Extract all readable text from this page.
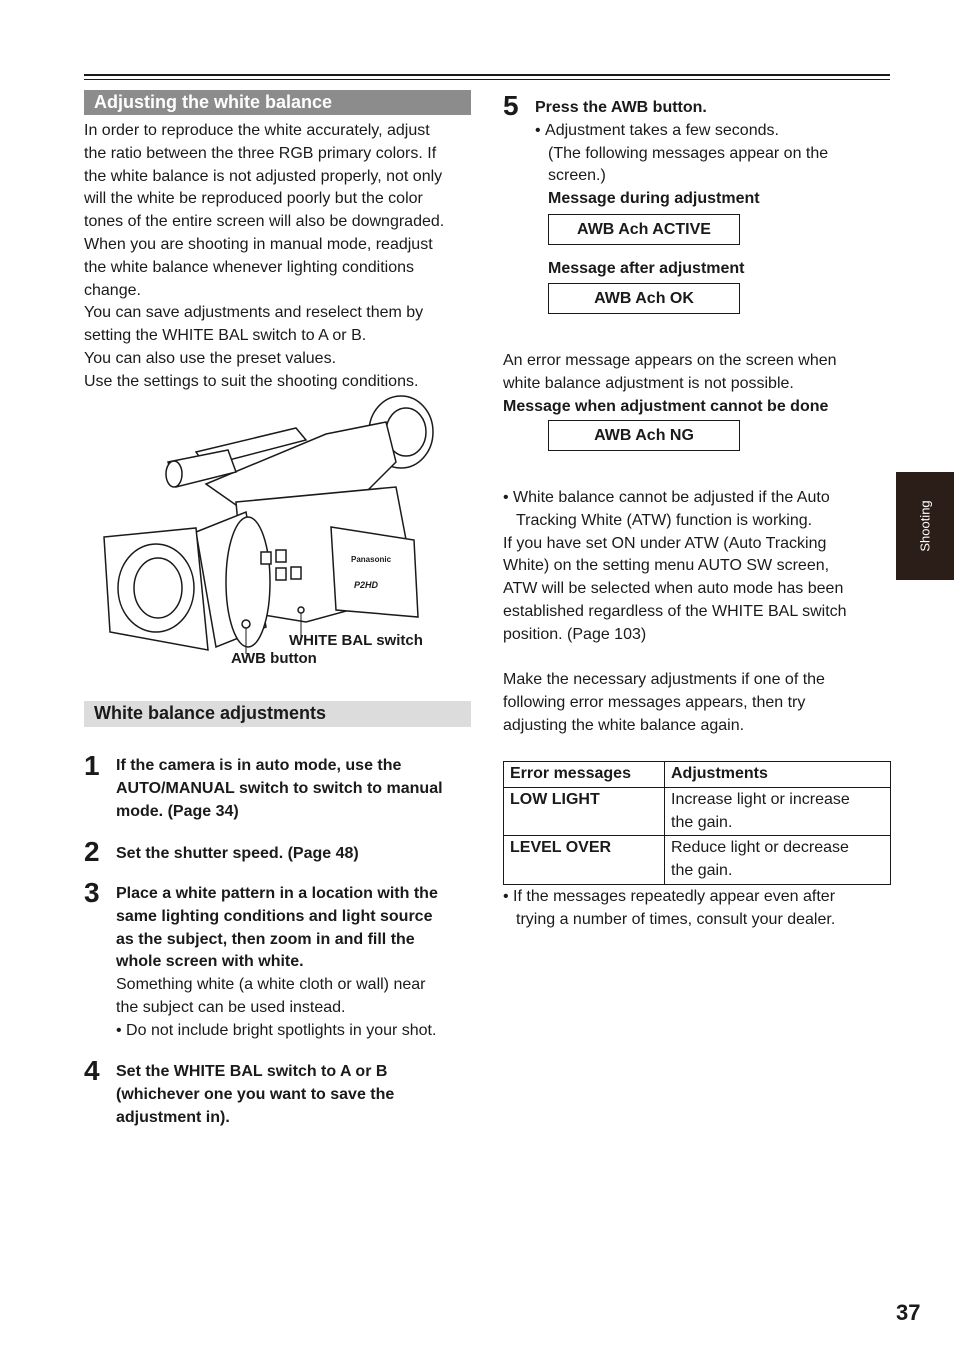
Adjusting the white balance

In order to reproduce the white accurately, adjust

the ratio between the three RGB primary colors. If

the white balance is not adjusted properly, not only

will the white be reproduced poorly but the color

tones of the entire screen will also be downgraded.

When you are shooting in manual mode, readjust

the white balance whenever lighting conditions

change.

You can save adjustments and reselect them by

setting the WHITE BAL switch to A or B.

You can also use the preset values.

Use the settings to suit the shooting conditions.

Panasonic
P2HD
WHITE BAL switch
AWB button
White balance adjustments
1 If the camera is in auto mode, use the
AUTO/MANUAL switch to switch to manual
mode. (Page 34)
2 Set the shutter speed. (Page 48)
3 Place a white pattern in a location with the
same lighting conditions and light source
as the subject, then zoom in and fill the
whole screen with white.
Something white (a white cloth or wall) near
the subject can be used instead.
• Do not include bright spotlights in your shot.
4 Set the WHITE BAL switch to A or B
(whichever one you want to save the
adjustment in).
5 Press the AWB button.
• Adjustment takes a few seconds.
(The following messages appear on the
screen.)
Message during adjustment
AWB Ach ACTIVE
Message after adjustment
AWB Ach OK

An error message appears on the screen when

white balance adjustment is not possible.

Message when adjustment cannot be done

AWB Ach NG

• White balance cannot be adjusted if the Auto

Tracking White (ATW) function is working.

If you have set ON under ATW (Auto Tracking

White) on the setting menu AUTO SW screen,

ATW will be selected when auto mode has been

established regardless of the WHITE BAL switch

position. (Page 103)

Make the necessary adjustments if one of the

following error messages appears, then try

adjusting the white balance again.

Error messages	Adjustments
LOW LIGHT	Increase light or increase
the gain.

LEVEL OVER	Reduce light or decrease
the gain.

• If the messages repeatedly appear even after

trying a number of times, consult your dealer.

Shooting
37
